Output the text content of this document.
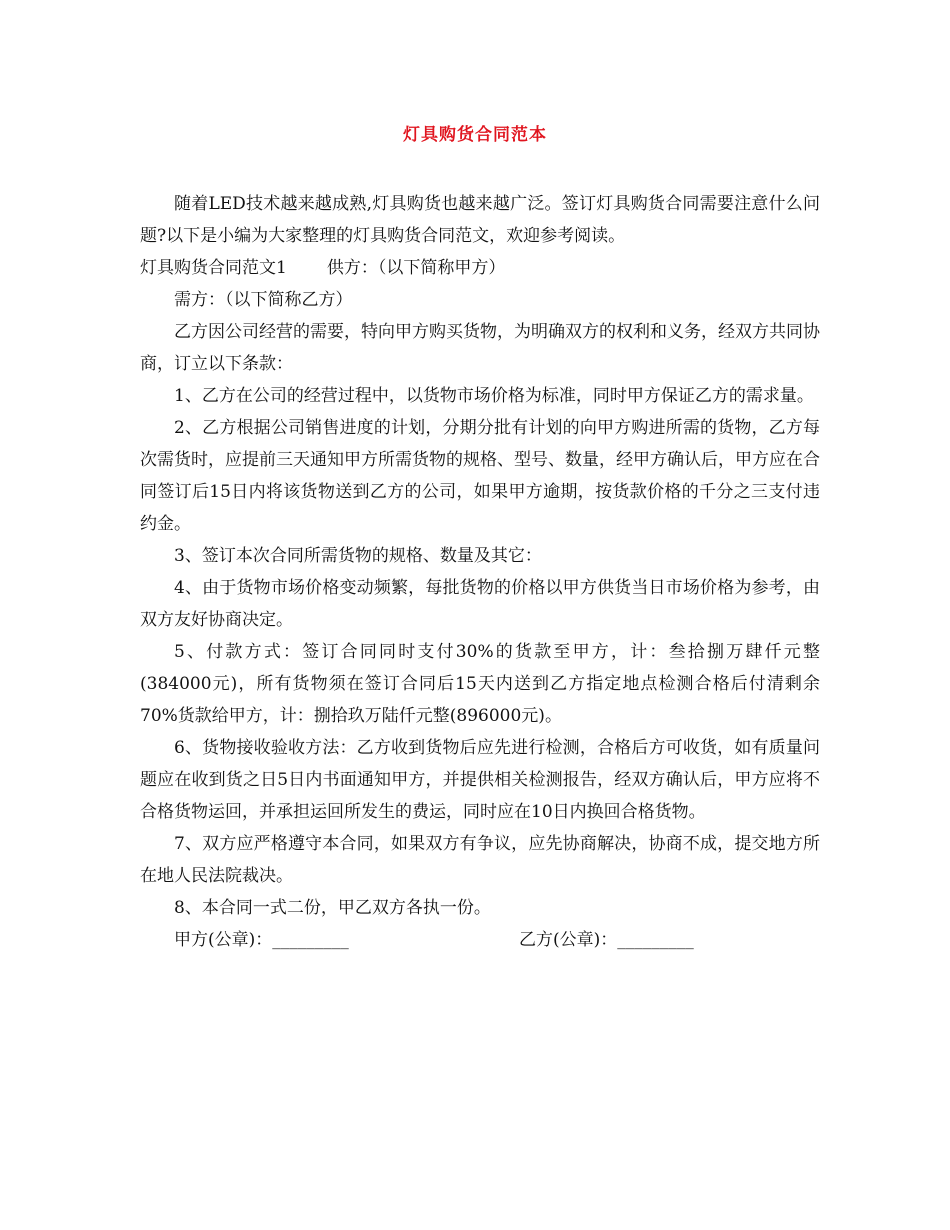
灯具购货合同范本

随着LED技术越来越成熟,灯具购货也越来越广泛。签订灯具购货合同需要注意什么问题?以下是小编为大家整理的灯具购货合同范文，欢迎参考阅读。

灯具购货合同范文1 供方：（以下简称甲方）

需方：（以下简称乙方）

乙方因公司经营的需要，特向甲方购买货物，为明确双方的权利和义务，经双方共同协商，订立以下条款：

1、乙方在公司的经营过程中，以货物市场价格为标准，同时甲方保证乙方的需求量。

2、乙方根据公司销售进度的计划，分期分批有计划的向甲方购进所需的货物，乙方每次需货时，应提前三天通知甲方所需货物的规格、型号、数量，经甲方确认后，甲方应在合同签订后15日内将该货物送到乙方的公司，如果甲方逾期，按货款价格的千分之三支付违约金。

3、签订本次合同所需货物的规格、数量及其它：

4、由于货物市场价格变动频繁，每批货物的价格以甲方供货当日市场价格为参考，由双方友好协商决定。

5、付款方式：签订合同同时支付30%的货款至甲方，计：叁拾捌万肆仟元整(384000元)，所有货物须在签订合同后15天内送到乙方指定地点检测合格后付清剩余70%货款给甲方，计：捌拾玖万陆仟元整(896000元)。

6、货物接收验收方法：乙方收到货物后应先进行检测，合格后方可收货，如有质量问题应在收到货之日5日内书面通知甲方，并提供相关检测报告，经双方确认后，甲方应将不合格货物运回，并承担运回所发生的费运，同时应在10日内换回合格货物。

7、双方应严格遵守本合同，如果双方有争议，应先协商解决，协商不成，提交地方所在地人民法院裁决。

8、本合同一式二份，甲乙双方各执一份。

甲方(公章)：_________	乙方(公章)：_________
